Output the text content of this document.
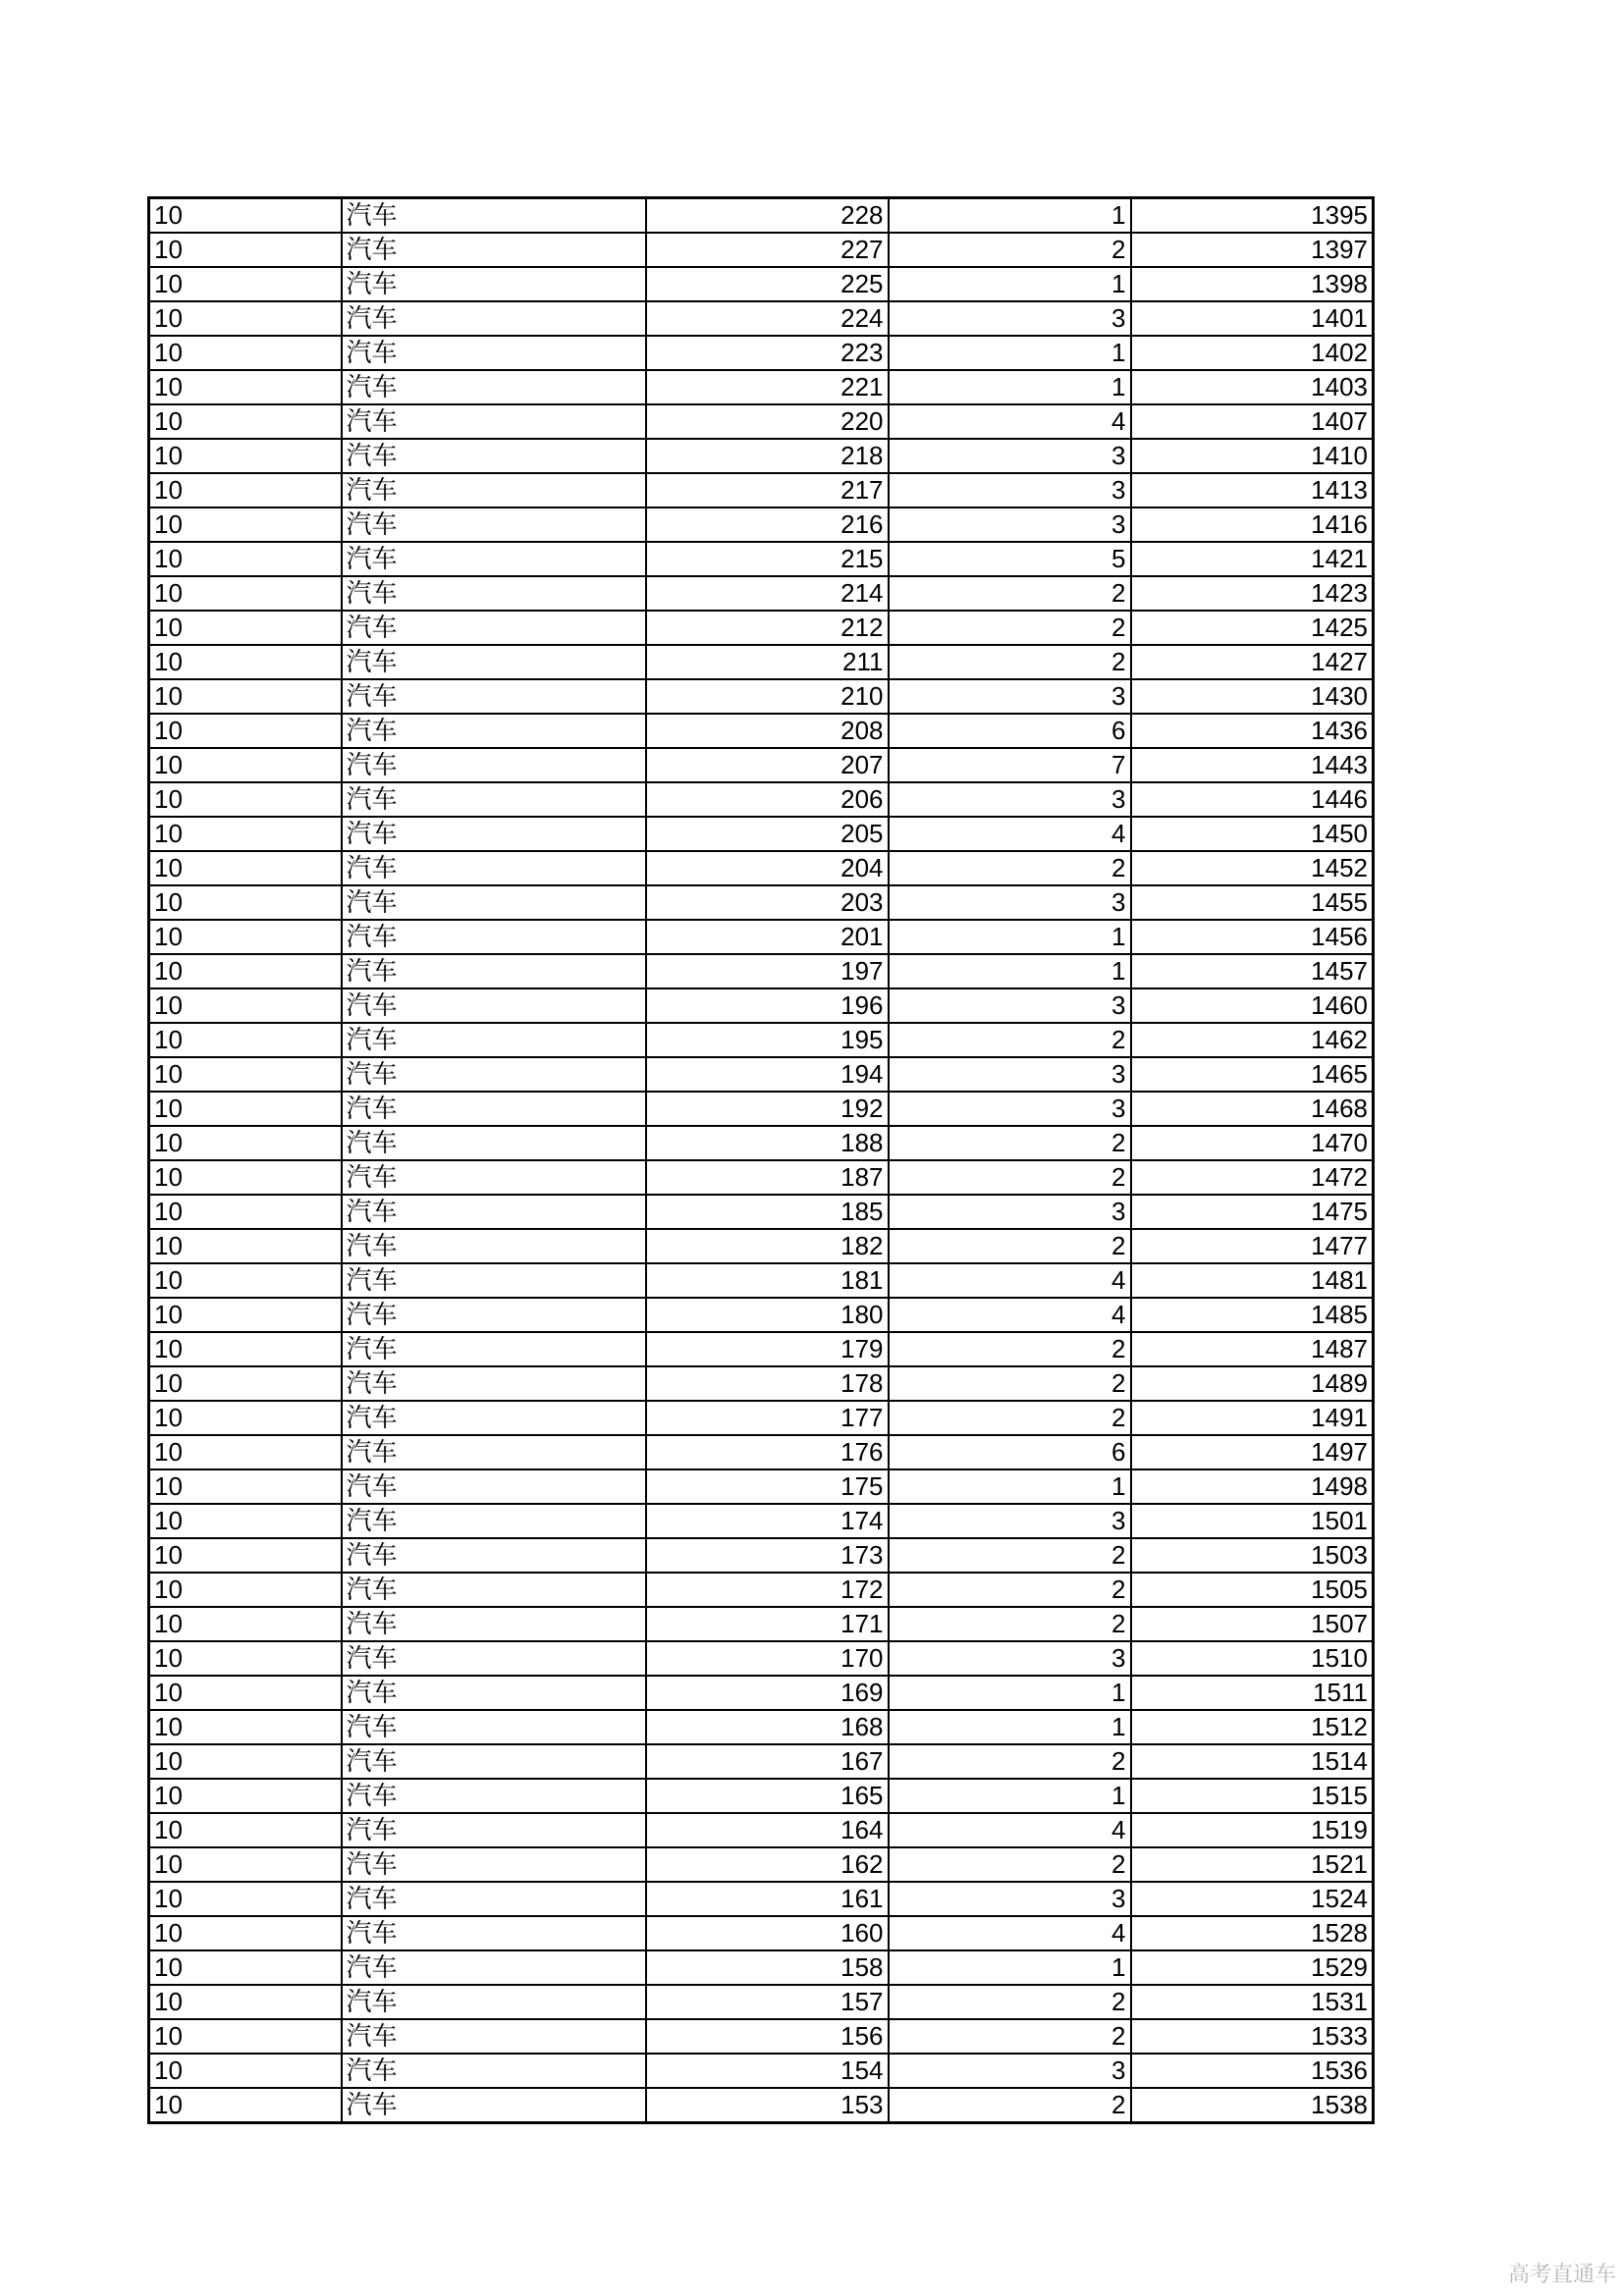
10	汽车	228	1	1395
10	汽车	227	2	1397
10	汽车	225	1	1398
10	汽车	224	3	1401
10	汽车	223	1	1402
10	汽车	221	1	1403
10	汽车	220	4	1407
10	汽车	218	3	1410
10	汽车	217	3	1413
10	汽车	216	3	1416
10	汽车	215	5	1421
10	汽车	214	2	1423
10	汽车	212	2	1425
10	汽车	211	2	1427
10	汽车	210	3	1430
10	汽车	208	6	1436
10	汽车	207	7	1443
10	汽车	206	3	1446
10	汽车	205	4	1450
10	汽车	204	2	1452
10	汽车	203	3	1455
10	汽车	201	1	1456
10	汽车	197	1	1457
10	汽车	196	3	1460
10	汽车	195	2	1462
10	汽车	194	3	1465
10	汽车	192	3	1468
10	汽车	188	2	1470
10	汽车	187	2	1472
10	汽车	185	3	1475
10	汽车	182	2	1477
10	汽车	181	4	1481
10	汽车	180	4	1485
10	汽车	179	2	1487
10	汽车	178	2	1489
10	汽车	177	2	1491
10	汽车	176	6	1497
10	汽车	175	1	1498
10	汽车	174	3	1501
10	汽车	173	2	1503
10	汽车	172	2	1505
10	汽车	171	2	1507
10	汽车	170	3	1510
10	汽车	169	1	1511
10	汽车	168	1	1512
10	汽车	167	2	1514
10	汽车	165	1	1515
10	汽车	164	4	1519
10	汽车	162	2	1521
10	汽车	161	3	1524
10	汽车	160	4	1528
10	汽车	158	1	1529
10	汽车	157	2	1531
10	汽车	156	2	1533
10	汽车	154	3	1536
10	汽车	153	2	1538
高考直通车
